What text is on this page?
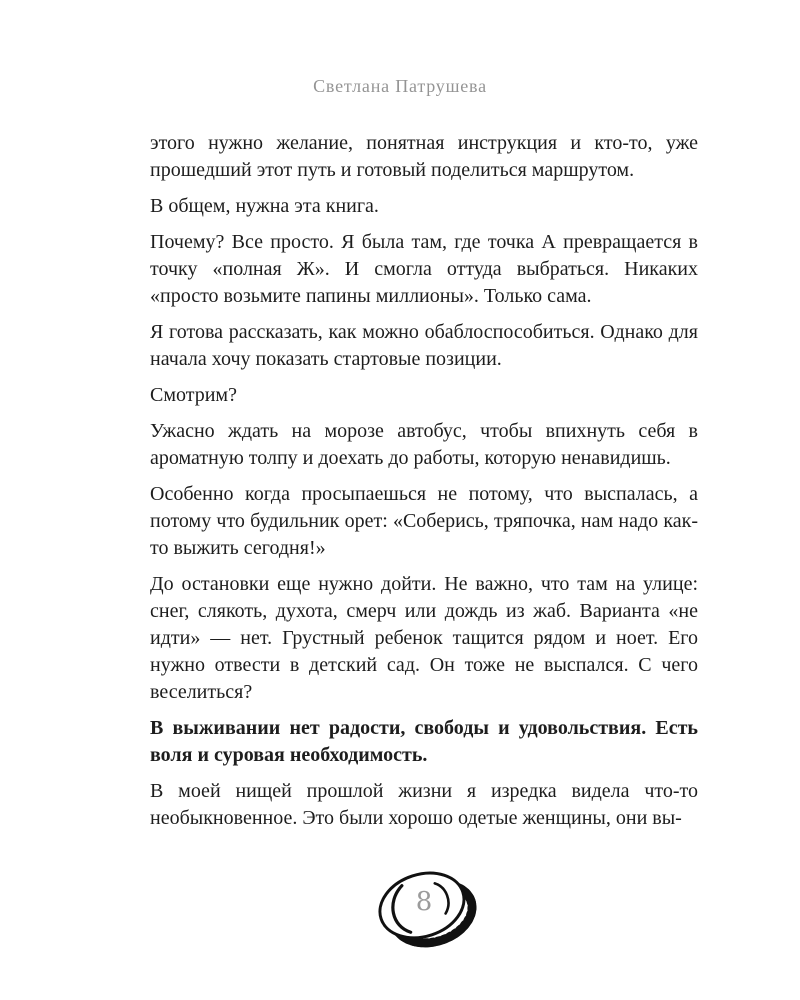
Светлана Патрушева

этого нужно желание, понятная инструкция и кто-то, уже прошедший этот путь и готовый поделиться маршрутом.

В общем, нужна эта книга.

Почему? Все просто. Я была там, где точка А превращается в точку «полная Ж». И смогла оттуда выбраться. Никаких «просто возьмите папины миллионы». Только сама.

Я готова рассказать, как можно обаблоспособиться. Однако для начала хочу показать стартовые позиции.

Смотрим?

Ужасно ждать на морозе автобус, чтобы впихнуть себя в ароматную толпу и доехать до работы, которую ненавидишь.

Особенно когда просыпаешься не потому, что выспалась, а потому что будильник орет: «Соберись, тряпочка, нам надо как-то выжить сегодня!»

До остановки еще нужно дойти. Не важно, что там на улице: снег, слякоть, духота, смерч или дождь из жаб. Варианта «не идти» — нет. Грустный ребенок тащится рядом и ноет. Его нужно отвести в детский сад. Он тоже не выспался. С чего веселиться?

В выживании нет радости, свободы и удовольствия. Есть воля и суровая необходимость.

В моей нищей прошлой жизни я изредка видела что-то необыкновенное. Это были хорошо одетые женщины, они вы-

8
